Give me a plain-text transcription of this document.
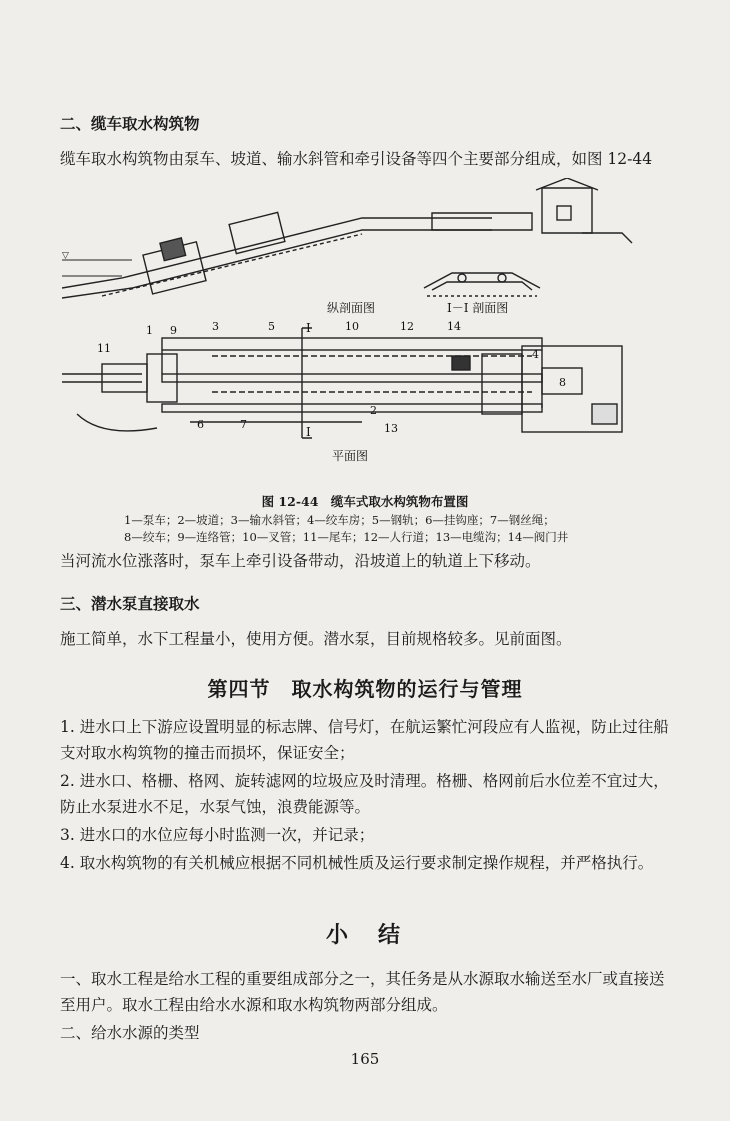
二、缆车取水构筑物
缆车取水构筑物由泵车、坡道、输水斜管和牵引设备等四个主要部分组成，如图 12-44
▽
纵剖面图	I－I 剖面图
平面图
I
I
1 9	3	5	10	12	14
11	4
8
6	7
2
13
图 12-44　缆车式取水构筑物布置图
1—泵车；2—坡道；3—输水斜管；4—绞车房；5—钢轨；6—挂钩座；7—钢丝绳；
8—绞车；9—连络管；10—叉管；11—尾车；12—人行道；13—电缆沟；14—阀门井
当河流水位涨落时，泵车上牵引设备带动，沿坡道上的轨道上下移动。
三、潜水泵直接取水
施工简单，水下工程量小，使用方便。潜水泵，目前规格较多。见前面图。
第四节　取水构筑物的运行与管理
1. 进水口上下游应设置明显的标志牌、信号灯，在航运繁忙河段应有人监视，防止过往船支对取水构筑物的撞击而损坏，保证安全；
2. 进水口、格栅、格网、旋转滤网的垃圾应及时清理。格栅、格网前后水位差不宜过大，防止水泵进水不足，水泵气蚀，浪费能源等。
3. 进水口的水位应每小时监测一次，并记录；
4. 取水构筑物的有关机械应根据不同机械性质及运行要求制定操作规程，并严格执行。
小　结
一、取水工程是给水工程的重要组成部分之一，其任务是从水源取水输送至水厂或直接送至用户。取水工程由给水水源和取水构筑物两部分组成。
二、给水水源的类型
165
